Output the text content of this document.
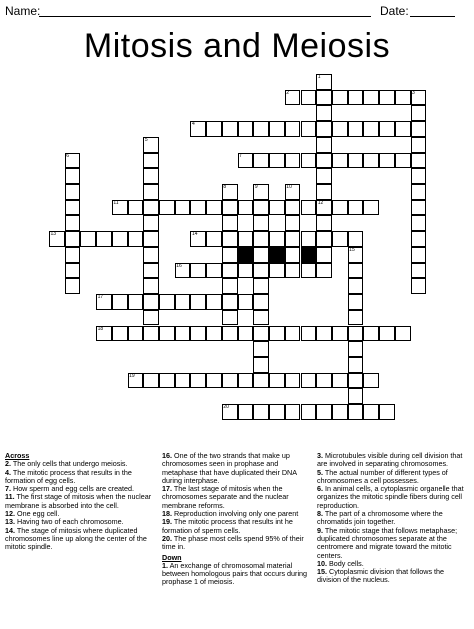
Name:	Date:
Mitosis and Meiosis
1
2	3
4
5
6	7
8	9	10
11	12
13	14
15
16
17
18
19
20
Across
2. The only cells that undergo meiosis.
4. The mitotic process that results in the formation of egg cells.
7. How sperm and egg cells are created.
11. The first stage of mitosis when the nuclear membrane is absorbed into the cell.
12. One egg cell.
13. Having two of each chromosome.
14. The stage of mitosis where duplicated chromosomes line up along the center of the mitotic spindle.
16. One of the two strands that make up chromosomes seen in prophase and metaphase that have duplicated their DNA during interphase.
17. The last stage of mitosis when the chromosomes separate and the nuclear membrane reforms.
18. Reproduction involving only one parent
19. The mitotic process that results int he formation of sperm cells.
20. The phase most cells spend 95% of their time in.
Down
1. An exchange of chromosomal material between homologous pairs that occurs during prophase 1 of meiosis.
3. Microtubules visible during cell division that are involved in separating chromosomes.
5. The actual number of different types of chromosomes a cell possesses.
6. In animal cells, a cytoplasmic organelle that organizes the mitotic spindle fibers during cell reproduction.
8. The part of a chromosome where the chromatids join together.
9. The mitotic stage that follows metaphase; duplicated chromosomes separate at the centromere and migrate toward the mitotic centers.
10. Body cells.
15. Cytoplasmic division that follows the division of the nucleus.
